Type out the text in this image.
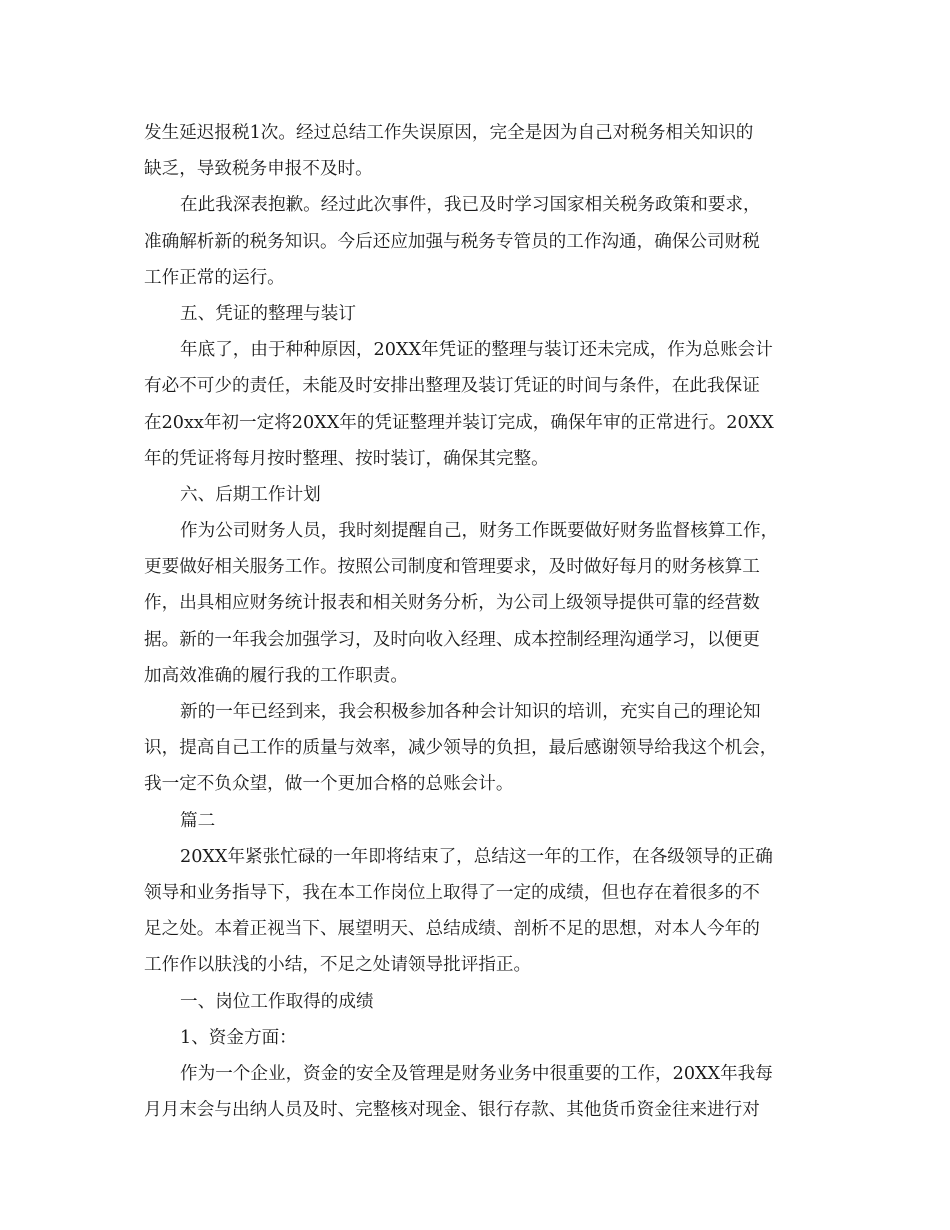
发生延迟报税1次。经过总结工作失误原因，完全是因为自己对税务相关知识的

缺乏，导致税务申报不及时。

在此我深表抱歉。经过此次事件，我已及时学习国家相关税务政策和要求，

准确解析新的税务知识。今后还应加强与税务专管员的工作沟通，确保公司财税

工作正常的运行。

五、凭证的整理与装订

年底了，由于种种原因，20XX年凭证的整理与装订还未完成，作为总账会计

有必不可少的责任，未能及时安排出整理及装订凭证的时间与条件，在此我保证

在20xx年初一定将20XX年的凭证整理并装订完成，确保年审的正常进行。20XX

年的凭证将每月按时整理、按时装订，确保其完整。

六、后期工作计划

作为公司财务人员，我时刻提醒自己，财务工作既要做好财务监督核算工作，

更要做好相关服务工作。按照公司制度和管理要求，及时做好每月的财务核算工

作，出具相应财务统计报表和相关财务分析，为公司上级领导提供可靠的经营数

据。新的一年我会加强学习，及时向收入经理、成本控制经理沟通学习，以便更

加高效准确的履行我的工作职责。

新的一年已经到来，我会积极参加各种会计知识的培训，充实自己的理论知

识，提高自己工作的质量与效率，减少领导的负担，最后感谢领导给我这个机会，

我一定不负众望，做一个更加合格的总账会计。

篇二

20XX年紧张忙碌的一年即将结束了，总结这一年的工作，在各级领导的正确

领导和业务指导下，我在本工作岗位上取得了一定的成绩，但也存在着很多的不

足之处。本着正视当下、展望明天、总结成绩、剖析不足的思想，对本人今年的

工作作以肤浅的小结，不足之处请领导批评指正。

一、岗位工作取得的成绩

1、资金方面：

作为一个企业，资金的安全及管理是财务业务中很重要的工作，20XX年我每

月月末会与出纳人员及时、完整核对现金、银行存款、其他货币资金往来进行对
